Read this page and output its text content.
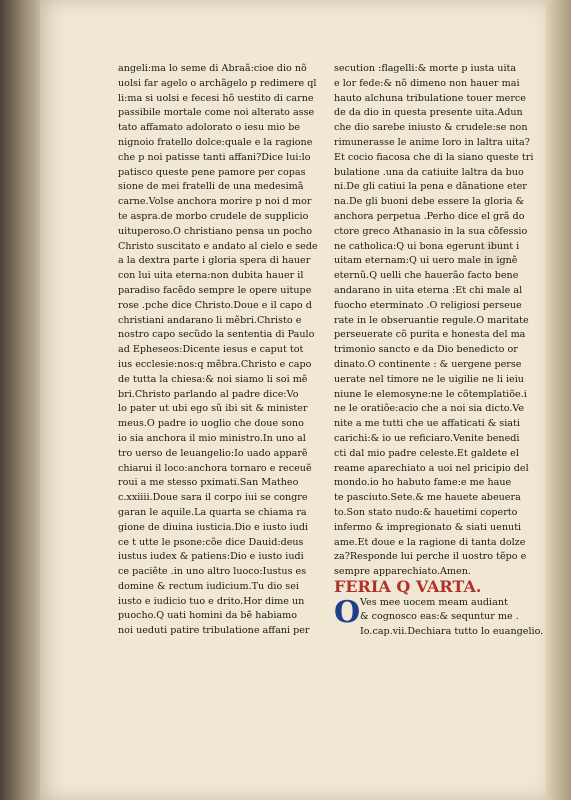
angeli:ma lo seme di Abraã:cioe dio nõ
uolsi far agelo o archãgelo p redimere ql
li:ma si uolsi e fecesi hõ uestito di carne
passibile mortale come noi alterato asse
tato affamato adolorato o iesu mio be
nignoio fratello dolce:quale e la ragione
che p noi patisse tanti affani?Dice lui:lo
patisco queste pene pamore per copas
sione de mei fratelli de una medesimã
carne.Volse anchora morire p noi d mor
te aspra.de morbo crudele de supplicio
uituperoso.O christiano pensa un pocho
Christo suscitato e andato al cielo e sede
a la dextra parte i gloria spera di hauer
con lui uita eterna:non dubita hauer il
paradiso facẽdo sempre le opere uitupe
rose .pche dice Christo.Doue e il capo d
christiani andarano li mẽbri.Christo e
nostro capo secũdo la sententia di Paulo
ad Epheseos:Dicente iesus e caput tot
ius ecclesie:nos:q mẽbra.Christo e capo
de tutta la chiesa:& noi siamo li soi mẽ
bri.Christo parlando al padre dice:Vo
lo pater ut ubi ego sũ ibi sit & minister
meus.O padre io uoglio che doue sono
io sia anchora il mio ministro.In uno al
tro uerso de leuangelio:Io uado apparẽ
chiarui il loco:anchora tornaro e receuẽ
roui a me stesso pximati.San Matheo
c.xxiiii.Doue sara il corpo iui se congre
garan le aquile.La quarta se chiama ra
gione de diuina iusticia.Dio e iusto iudi
ce t utte le psone:cõe dice Dauid:deus
iustus iudex & patiens:Dio e iusto iudi
ce paciẽte .in uno altro luoco:Iustus es
domine & rectum iudicium.Tu dio sei
iusto e iudicio tuo e drito.Hor dime un
puocho.Q uati homini da bẽ habiamo
noi ueduti patire tribulatione affani per
secution :flagelli:& morte p iusta uita
e lor fede:& nõ dimeno non hauer mai
hauto alchuna tribulatione touer merce
de da dio in questa presente uita.Adun
che dio sarebe iniusto & crudele:se non
rimunerasse le anime loro in laltra uita?
Et cocio fiacosa che di la siano queste tri
bulatione .una da catiuite laltra da buo
ni.De gli catiui la pena e dãnatione eter
na.De gli buoni debe essere la gloria &
anchora perpetua .Perho dice el grã do
ctore greco Athanasio in la sua cõfessio
ne catholica:Q ui bona egerunt ibunt i
uitam eternam:Q ui uero male in ignẽ
eternũ.Q uelli che hauerão facto bene
andarano in uita eterna :Et chi male al
fuocho eterminato .O religiosi perseue
rate in le obseruantie regule.O maritate
perseuerate cõ purita e honesta del ma
trimonio sancto e da Dio benedicto or
dinato.O continente : & uergene perse
uerate nel timore ne le uigilie ne li ieiu
niune le elemosyne:ne le cõtemplatiõe.i
ne le oratiõe:acio che a noi sia dicto.Ve
nite a me tutti che ue affaticati & siati
carichi:& io ue reficiaro.Venite benedi
cti dal mio padre celeste.Et galdete el
reame aparechiato a uoi nel pricipio del
mondo.io ho habuto fame:e me haue
te pasciuto.Sete.& me hauete abeuera
to.Son stato nudo:& hauetimi coperto
infermo & impregionato & siati uenuti
ame.Et doue e la ragione di tanta dolze
za?Responde lui perche il uostro tẽpo e
sempre apparechiato.Amen.
FERIA Q VARTA.
O Ves mee uocem meam audiant
& cognosco eas:& sequntur me .
Io.cap.vii.Dechiara tutto lo euangelio.
